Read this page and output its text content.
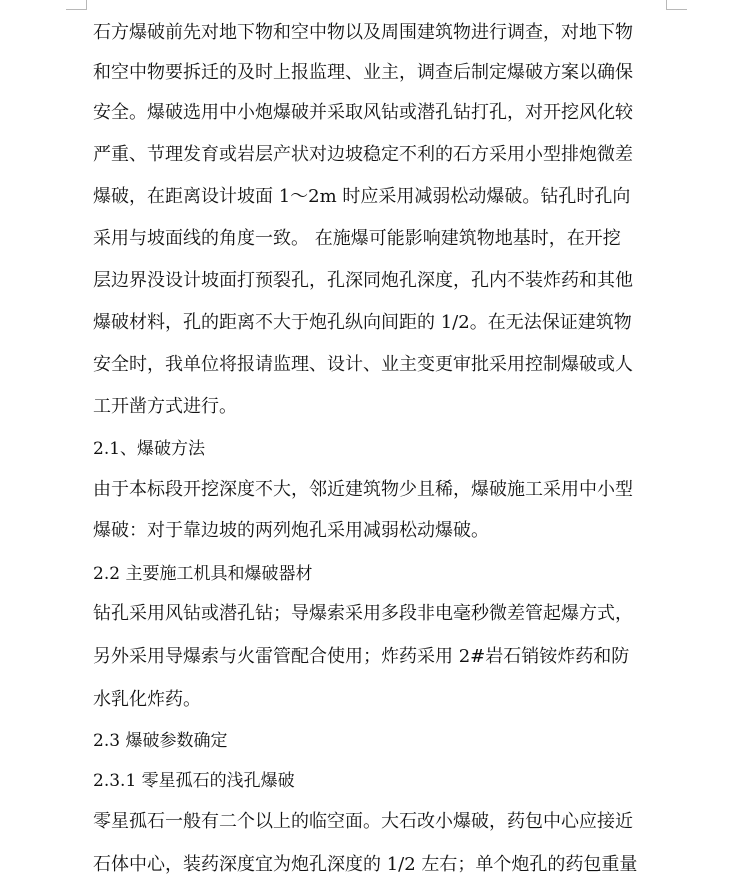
石方爆破前先对地下物和空中物以及周围建筑物进行调查，对地下物
和空中物要拆迁的及时上报监理、业主，调查后制定爆破方案以确保
安全。爆破选用中小炮爆破并采取风钻或潜孔钻打孔，对开挖风化较
严重、节理发育或岩层产状对边坡稳定不利的石方采用小型排炮微差
爆破，在距离设计坡面 1～2m 时应采用减弱松动爆破。钻孔时孔向
采用与坡面线的角度一致。 在施爆可能影响建筑物地基时，在开挖
层边界没设计坡面打预裂孔，孔深同炮孔深度，孔内不装炸药和其他
爆破材料，孔的距离不大于炮孔纵向间距的 1/2。在无法保证建筑物
安全时，我单位将报请监理、设计、业主变更审批采用控制爆破或人
工开凿方式进行。
2.1、爆破方法
由于本标段开挖深度不大，邻近建筑物少且稀，爆破施工采用中小型
爆破：对于靠边坡的两列炮孔采用减弱松动爆破。
2.2 主要施工机具和爆破器材
钻孔采用风钻或潜孔钻；导爆索采用多段非电毫秒微差管起爆方式，
另外采用导爆索与火雷管配合使用；炸药采用 2#岩石销铵炸药和防
水乳化炸药。
2.3 爆破参数确定
2.3.1 零星孤石的浅孔爆破
零星孤石一般有二个以上的临空面。大石改小爆破，药包中心应接近
石体中心，装药深度宜为炮孔深度的 1/2 左右；单个炮孔的药包重量
